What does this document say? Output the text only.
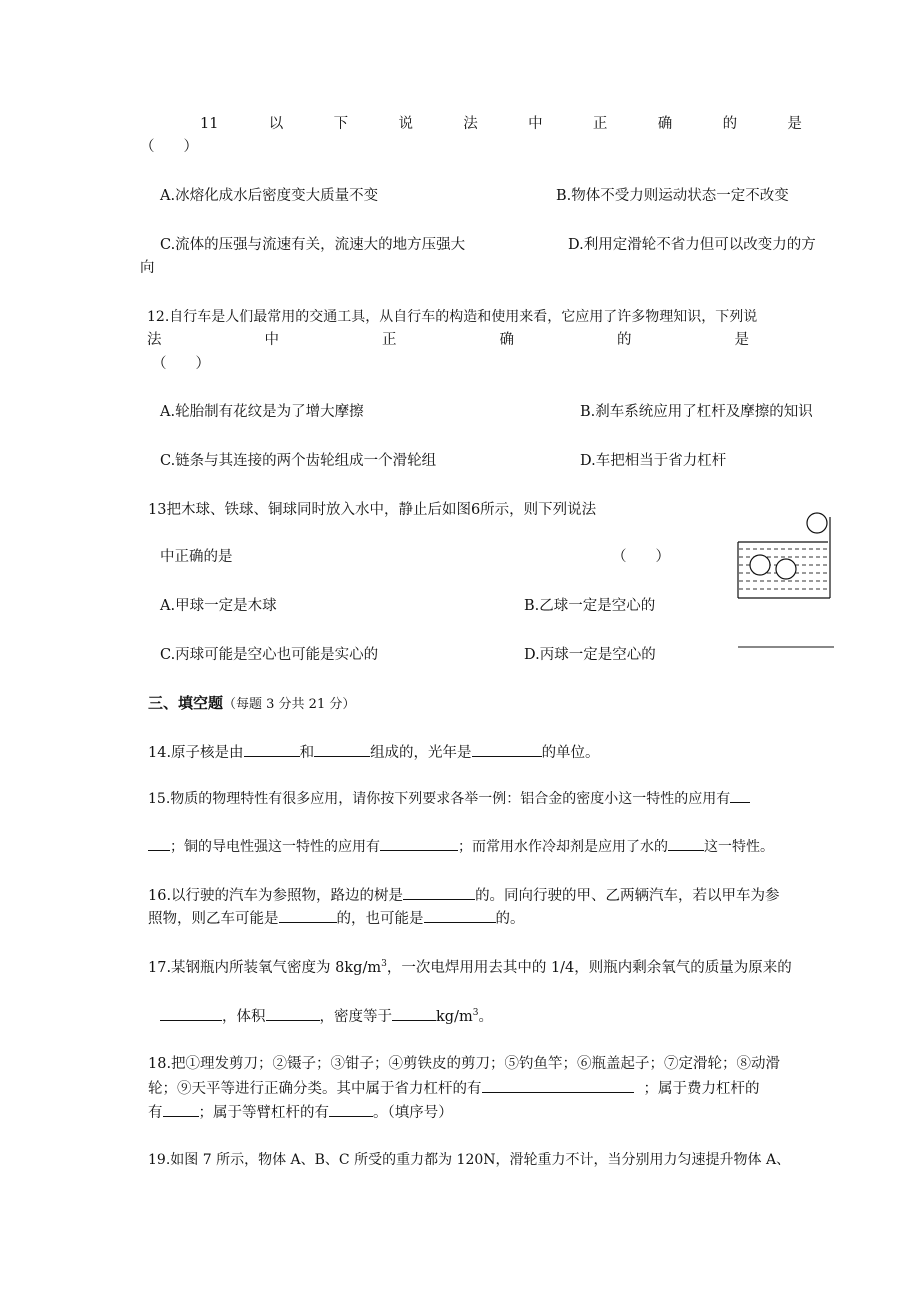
11	以	下	说	法	中	正	确	的	是
（　　）
A.冰熔化成水后密度变大质量不变	B.物体不受力则运动状态一定不改变
C.流体的压强与流速有关，流速大的地方压强大	D.利用定滑轮不省力但可以改变力的方
向
12.自行车是人们最常用的交通工具，从自行车的构造和使用来看，它应用了许多物理知识，下列说
法	中	正	确	的	是
（　　）
A.轮胎制有花纹是为了增大摩擦	B.刹车系统应用了杠杆及摩擦的知识
C.链条与其连接的两个齿轮组成一个滑轮组	D.车把相当于省力杠杆
13把木球、铁球、铜球同时放入水中，静止后如图6所示，则下列说法
中正确的是	（　　）
A.甲球一定是木球	B.乙球一定是空心的
C.丙球可能是空心也可能是实心的	D.丙球一定是空心的
三、填空题（每题 3 分共 21 分）
14.原子核是由	和	组成的，光年是	的单位。
15.物质的物理特性有很多应用，请你按下列要求各举一例：铝合金的密度小这一特性的应用有
；铜的导电性强这一特性的应用有	；而常用水作冷却剂是应用了水的	这一特性。
16.以行驶的汽车为参照物，路边的树是	的。同向行驶的甲、乙两辆汽车，若以甲车为参
照物，则乙车可能是	的，也可能是	的。
17.某钢瓶内所装氧气密度为 $8kg/m^3$，一次电焊用用去其中的 1/4，则瓶内剩余氧气的质量为原来的
，体积	，密度等于	$kg/m^3$。
18.把①理发剪刀；②镊子；③钳子；④剪铁皮的剪刀；⑤钓鱼竿；⑥瓶盖起子；⑦定滑轮；⑧动滑
轮；⑨天平等进行正确分类。其中属于省力杠杆的有	；属于费力杠杆的
有 ；属于等臂杠杆的有	。（填序号）
19.如图 7 所示，物体 A、B、C 所受的重力都为 120N，滑轮重力不计，当分别用力匀速提升物体 A、
